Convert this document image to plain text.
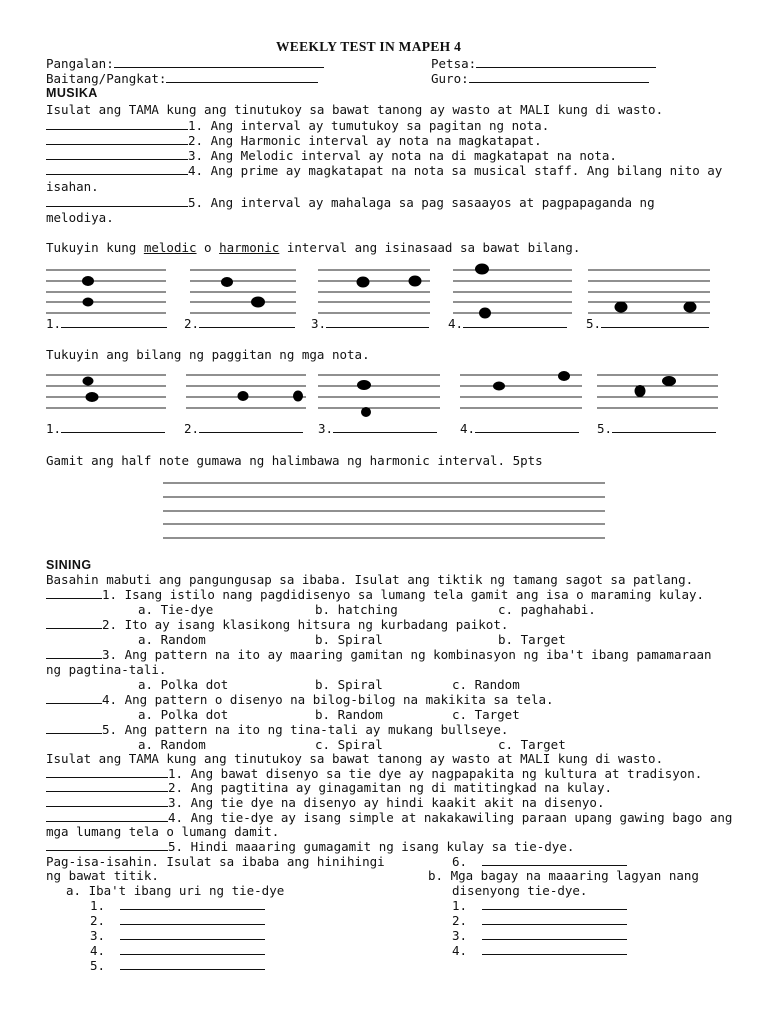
WEEKLY TEST IN MAPEH 4
Pangalan:	Petsa:
Baitang/Pangkat:	Guro:
MUSIKA
Isulat ang TAMA kung ang tinutukoy sa bawat tanong ay wasto at MALI kung di wasto.
1. Ang interval ay tumutukoy sa pagitan ng nota.
2. Ang Harmonic interval ay nota na magkatapat.
3. Ang Melodic interval ay nota na di magkatapat na nota.
4. Ang prime ay magkatapat na nota sa musical staff. Ang bilang nito ay
isahan.
5. Ang interval ay mahalaga sa pag sasaayos at pagpapaganda ng
melodiya.
Tukuyin kung melodic o harmonic interval ang isinasaad sa bawat bilang.
1.	2.	3.	4.	5.
Tukuyin ang bilang ng paggitan ng mga nota.
1.	2.	3.	4.	5.
Gamit ang half note gumawa ng halimbawa ng harmonic interval. 5pts
SINING
Basahin mabuti ang pangungusap sa ibaba. Isulat ang tiktik ng tamang sagot sa patlang.
1. Isang istilo nang pagdidisenyo sa lumang tela gamit ang isa o maraming kulay.
a. Tie-dye	b. hatching	c. paghahabi.
2. Ito ay isang klasikong hitsura ng kurbadang paikot.
a. Random	b. Spiral	b. Target
3. Ang pattern na ito ay maaring gamitan ng kombinasyon ng iba't ibang pamamaraan
ng pagtina-tali.
a. Polka dot	b. Spiral	c. Random
4. Ang pattern o disenyo na bilog-bilog na makikita sa tela.
a. Polka dot	b. Random	c. Target
5. Ang pattern na ito ng tina-tali ay mukang bullseye.
a. Random	c. Spiral	c. Target
Isulat ang TAMA kung ang tinutukoy sa bawat tanong ay wasto at MALI kung di wasto.
1. Ang bawat disenyo sa tie dye ay nagpapakita ng kultura at tradisyon.
2. Ang pagtitina ay ginagamitan ng di matitingkad na kulay.
3. Ang tie dye na disenyo ay hindi kaakit akit na disenyo.
4. Ang tie-dye ay isang simple at nakakawiling paraan upang gawing bago ang
mga lumang tela o lumang damit.
5. Hindi maaaring gumagamit ng isang kulay sa tie-dye.
Pag-isa-isahin. Isulat sa ibaba ang hinihingi
ng bawat titik.
a. Iba't ibang uri ng tie-dye
1.
2.
3.
4.
5.
6.
b. Mga bagay na maaaring lagyan nang
disenyong tie-dye.
1.
2.
3.
4.
